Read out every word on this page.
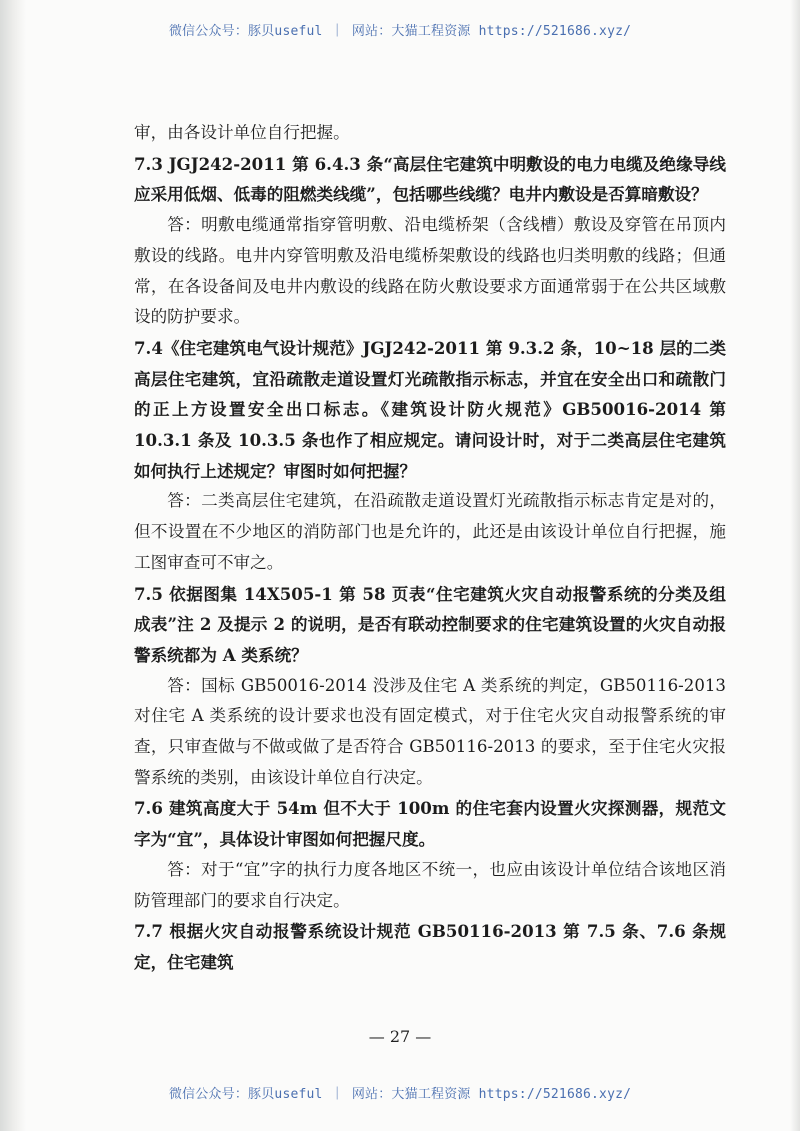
微信公众号：豚贝useful ｜ 网站：大猫工程资源 https://521686.xyz/

审，由各设计单位自行把握。

7.3 JGJ242-2011 第 6.4.3 条“高层住宅建筑中明敷设的电力电缆及绝缘导线应采用低烟、低毒的阻燃类线缆”，包括哪些线缆？电井内敷设是否算暗敷设？

答：明敷电缆通常指穿管明敷、沿电缆桥架（含线槽）敷设及穿管在吊顶内敷设的线路。电井内穿管明敷及沿电缆桥架敷设的线路也归类明敷的线路；但通常，在各设备间及电井内敷设的线路在防火敷设要求方面通常弱于在公共区域敷设的防护要求。

7.4《住宅建筑电气设计规范》JGJ242-2011 第 9.3.2 条，10~18 层的二类高层住宅建筑，宜沿疏散走道设置灯光疏散指示标志，并宜在安全出口和疏散门的正上方设置安全出口标志。《建筑设计防火规范》GB50016-2014 第 10.3.1 条及 10.3.5 条也作了相应规定。请问设计时，对于二类高层住宅建筑如何执行上述规定？审图时如何把握？

答：二类高层住宅建筑，在沿疏散走道设置灯光疏散指示标志肯定是对的，但不设置在不少地区的消防部门也是允许的，此还是由该设计单位自行把握，施工图审查可不审之。

7.5 依据图集 14X505-1 第 58 页表“住宅建筑火灾自动报警系统的分类及组成表”注 2 及提示 2 的说明，是否有联动控制要求的住宅建筑设置的火灾自动报警系统都为 A 类系统？

答：国标 GB50016-2014 没涉及住宅 A 类系统的判定，GB50116-2013 对住宅 A 类系统的设计要求也没有固定模式，对于住宅火灾自动报警系统的审查，只审查做与不做或做了是否符合 GB50116-2013 的要求，至于住宅火灾报警系统的类别，由该设计单位自行决定。

7.6 建筑高度大于 54m 但不大于 100m 的住宅套内设置火灾探测器，规范文字为“宜”，具体设计审图如何把握尺度。

答：对于“宜”字的执行力度各地区不统一，也应由该设计单位结合该地区消防管理部门的要求自行决定。

7.7 根据火灾自动报警系统设计规范 GB50116-2013 第 7.5 条、7.6 条规定，住宅建筑

— 27 —
微信公众号：豚贝useful ｜ 网站：大猫工程资源 https://521686.xyz/
